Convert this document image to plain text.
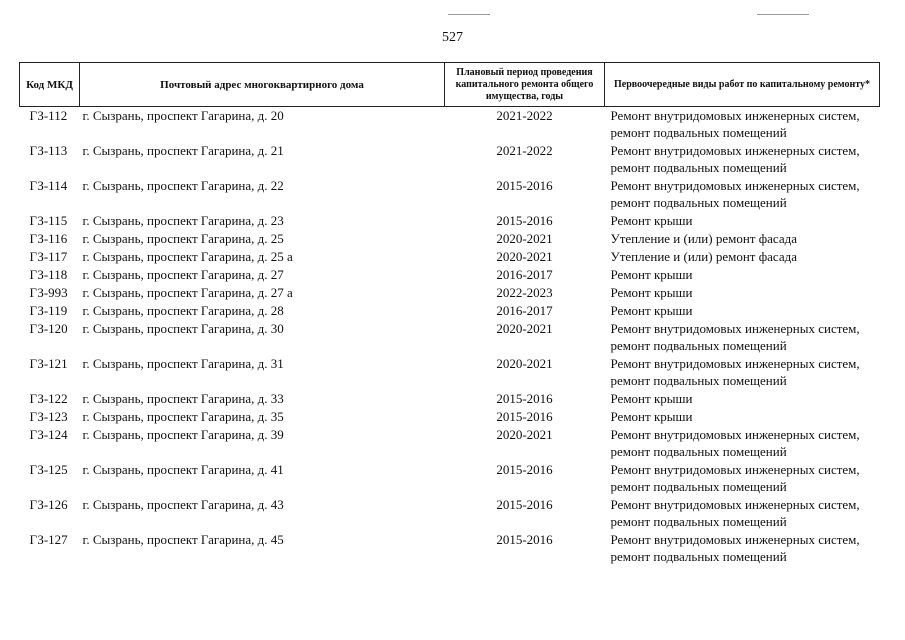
527
Код МКД	Почтовый адрес многоквартирного дома	Плановый период проведения капитального ремонта общего имущества, годы	Первоочередные виды работ по капитальному ремонту*
ГЗ-112	г. Сызрань, проспект Гагарина, д. 20	2021-2022	Ремонт внутридомовых инженерных систем,
ремонт подвальных помещений

ГЗ-113	г. Сызрань, проспект Гагарина, д. 21	2021-2022	Ремонт внутридомовых инженерных систем,
ремонт подвальных помещений

ГЗ-114	г. Сызрань, проспект Гагарина, д. 22	2015-2016	Ремонт внутридомовых инженерных систем,
ремонт подвальных помещений

ГЗ-115	г. Сызрань, проспект Гагарина, д. 23	2015-2016	Ремонт крыши

ГЗ-116	г. Сызрань, проспект Гагарина, д. 25	2020-2021	Утепление и (или) ремонт фасада

ГЗ-117	г. Сызрань, проспект Гагарина, д. 25 а	2020-2021	Утепление и (или) ремонт фасада

ГЗ-118	г. Сызрань, проспект Гагарина, д. 27	2016-2017	Ремонт крыши

ГЗ-993	г. Сызрань, проспект Гагарина, д. 27 а	2022-2023	Ремонт крыши

ГЗ-119	г. Сызрань, проспект Гагарина, д. 28	2016-2017	Ремонт крыши

ГЗ-120	г. Сызрань, проспект Гагарина, д. 30	2020-2021	Ремонт внутридомовых инженерных систем,
ремонт подвальных помещений

ГЗ-121	г. Сызрань, проспект Гагарина, д. 31	2020-2021	Ремонт внутридомовых инженерных систем,
ремонт подвальных помещений

ГЗ-122	г. Сызрань, проспект Гагарина, д. 33	2015-2016	Ремонт крыши

ГЗ-123	г. Сызрань, проспект Гагарина, д. 35	2015-2016	Ремонт крыши

ГЗ-124	г. Сызрань, проспект Гагарина, д. 39	2020-2021	Ремонт внутридомовых инженерных систем,
ремонт подвальных помещений

ГЗ-125	г. Сызрань, проспект Гагарина, д. 41	2015-2016	Ремонт внутридомовых инженерных систем,
ремонт подвальных помещений

ГЗ-126	г. Сызрань, проспект Гагарина, д. 43	2015-2016	Ремонт внутридомовых инженерных систем,
ремонт подвальных помещений

ГЗ-127	г. Сызрань, проспект Гагарина, д. 45	2015-2016	Ремонт внутридомовых инженерных систем,
ремонт подвальных помещений
